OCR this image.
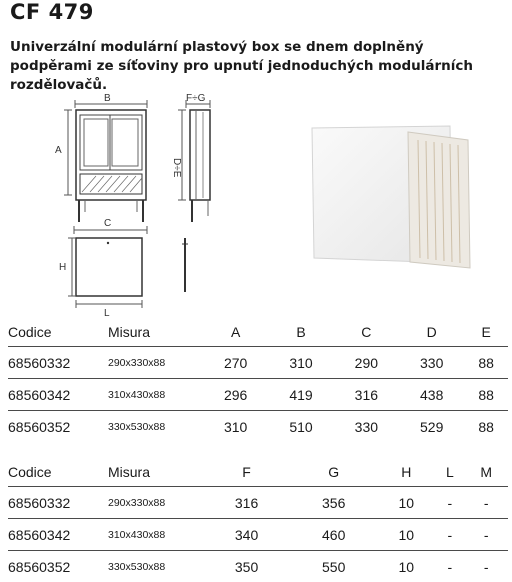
CF 479
Univerzální modulární plastový box se dnem doplněný podpěrami ze síťoviny pro upnutí jednoduchých modulárních rozdělovačů.
B
A
F÷G
D÷E
C
H
L
Codice	Misura	A	B	C	D	E
68560332	290x330x88	270	310	290	330	88
68560342	310x430x88	296	419	316	438	88
68560352	330x530x88	310	510	330	529	88
Codice	Misura	F	G	H	L	M
68560332	290x330x88	316	356	10	-	-
68560342	310x430x88	340	460	10	-	-
68560352	330x530x88	350	550	10	-	-
